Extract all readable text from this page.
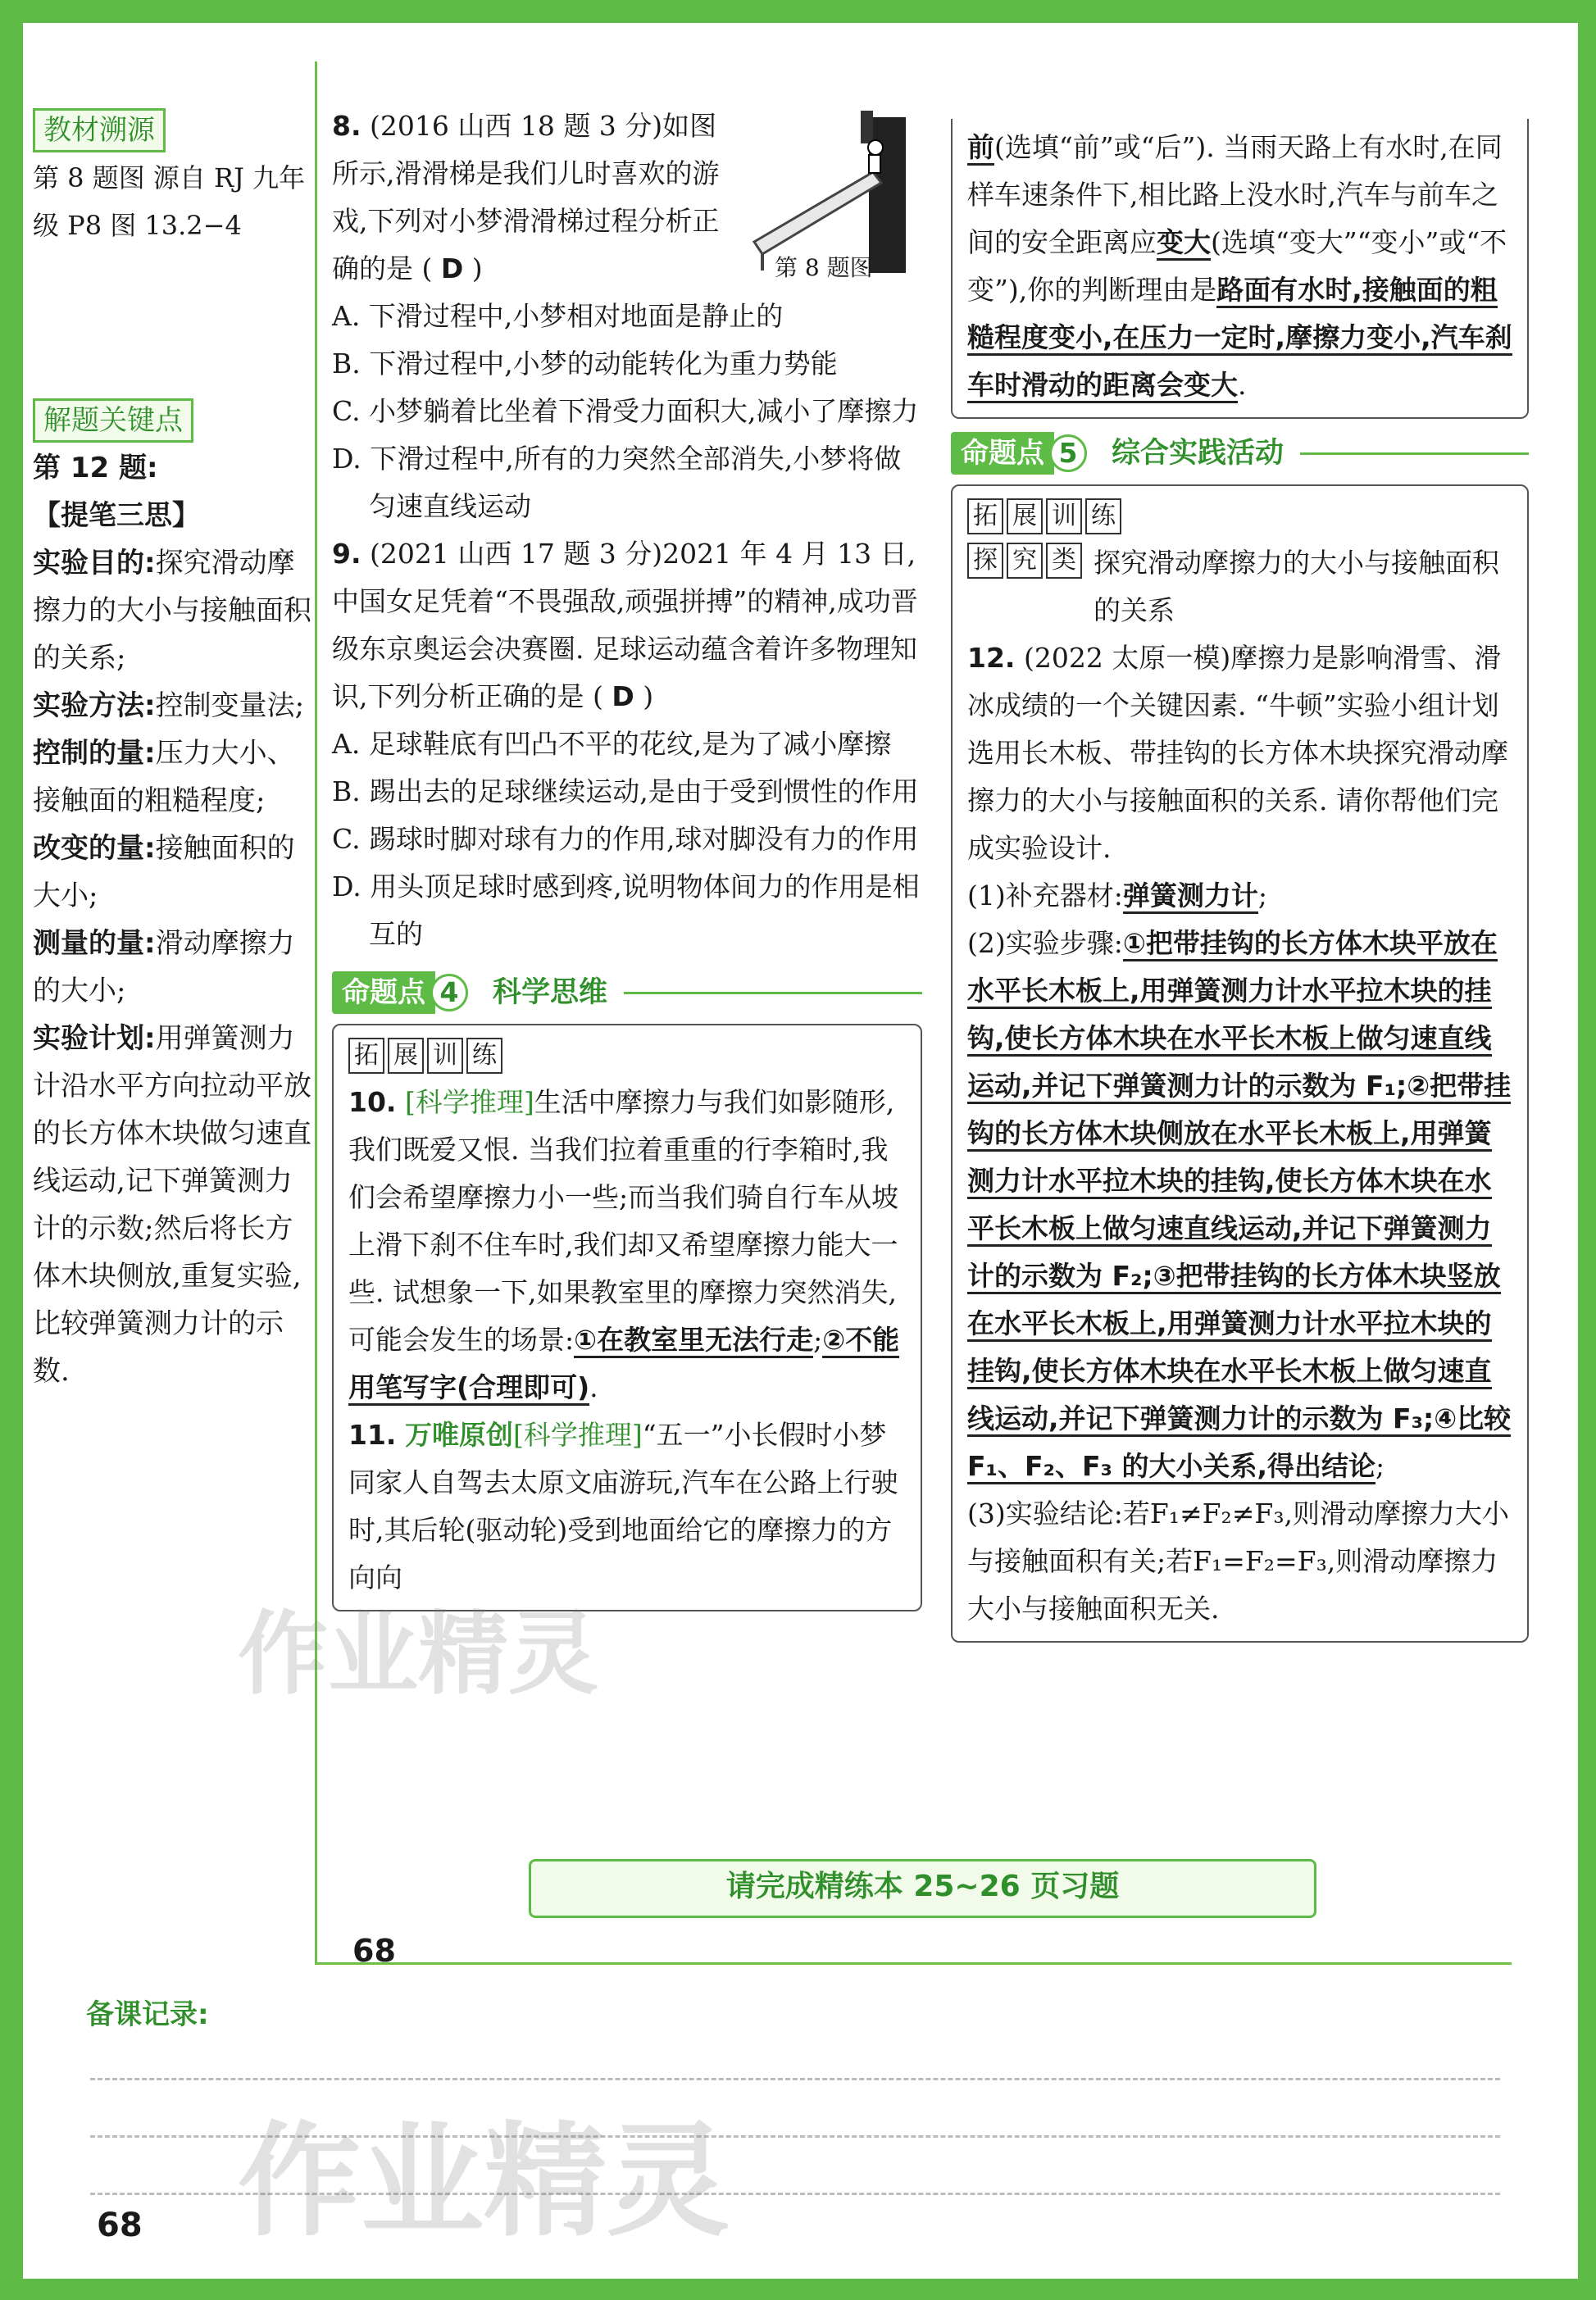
教材溯源
第 8 题图 源自 RJ 九年级 P8 图 13.2−4
解题关键点
第 12 题:
【提笔三思】
实验目的:探究滑动摩擦力的大小与接触面积的关系;
实验方法:控制变量法;
控制的量:压力大小、接触面的粗糙程度;
改变的量:接触面积的大小;
测量的量:滑动摩擦力的大小;
实验计划:用弹簧测力计沿水平方向拉动平放的长方体木块做匀速直线运动,记下弹簧测力计的示数;然后将长方体木块侧放,重复实验,比较弹簧测力计的示数.
第 8 题图

8. (2016 山西 18 题 3 分)如图所示,滑滑梯是我们儿时喜欢的游戏,下列对小梦滑滑梯过程分析正确的是 ( D )

A. 下滑过程中,小梦相对地面是静止的

B. 下滑过程中,小梦的动能转化为重力势能

C. 小梦躺着比坐着下滑受力面积大,减小了摩擦力

D. 下滑过程中,所有的力突然全部消失,小梦将做匀速直线运动

9. (2021 山西 17 题 3 分)2021 年 4 月 13 日,中国女足凭着“不畏强敌,顽强拼搏”的精神,成功晋级东京奥运会决赛圈. 足球运动蕴含着许多物理知识,下列分析正确的是 ( D )

A. 足球鞋底有凹凸不平的花纹,是为了减小摩擦

B. 踢出去的足球继续运动,是由于受到惯性的作用

C. 踢球时脚对球有力的作用,球对脚没有力的作用

D. 用头顶足球时感到疼,说明物体间力的作用是相互的

命题点 4	科学思维
拓 展 训 练

10. [科学推理]生活中摩擦力与我们如影随形,我们既爱又恨. 当我们拉着重重的行李箱时,我们会希望摩擦力小一些;而当我们骑自行车从坡上滑下刹不住车时,我们却又希望摩擦力能大一些. 试想象一下,如果教室里的摩擦力突然消失,可能会发生的场景:①在教室里无法行走;②不能用笔写字(合理即可).

11. 万唯原创[科学推理]“五一”小长假时小梦同家人自驾去太原文庙游玩,汽车在公路上行驶时,其后轮(驱动轮)受到地面给它的摩擦力的方向向

前(选填“前”或“后”). 当雨天路上有水时,在同样车速条件下,相比路上没水时,汽车与前车之间的安全距离应变大(选填“变大”“变小”或“不变”),你的判断理由是路面有水时,接触面的粗糙程度变小,在压力一定时,摩擦力变小,汽车刹车时滑动的距离会变大.

命题点 5	综合实践活动
拓 展 训 练
探 究 类 探究滑动摩擦力的大小与接触面积的关系

12. (2022 太原一模)摩擦力是影响滑雪、滑冰成绩的一个关键因素. “牛顿”实验小组计划选用长木板、带挂钩的长方体木块探究滑动摩擦力的大小与接触面积的关系. 请你帮他们完成实验设计.

(1)补充器材:弹簧测力计;

(2)实验步骤:①把带挂钩的长方体木块平放在水平长木板上,用弹簧测力计水平拉木块的挂钩,使长方体木块在水平长木板上做匀速直线运动,并记下弹簧测力计的示数为 F₁;②把带挂钩的长方体木块侧放在水平长木板上,用弹簧测力计水平拉木块的挂钩,使长方体木块在水平长木板上做匀速直线运动,并记下弹簧测力计的示数为 F₂;③把带挂钩的长方体木块竖放在水平长木板上,用弹簧测力计水平拉木块的挂钩,使长方体木块在水平长木板上做匀速直线运动,并记下弹簧测力计的示数为 F₃;④比较 F₁、F₂、F₃ 的大小关系,得出结论;

(3)实验结论:若F₁≠F₂≠F₃,则滑动摩擦力大小与接触面积有关;若F₁=F₂=F₃,则滑动摩擦力大小与接触面积无关.

请完成精练本 25~26 页习题
68
备课记录:
68
作业精灵
作业精灵
